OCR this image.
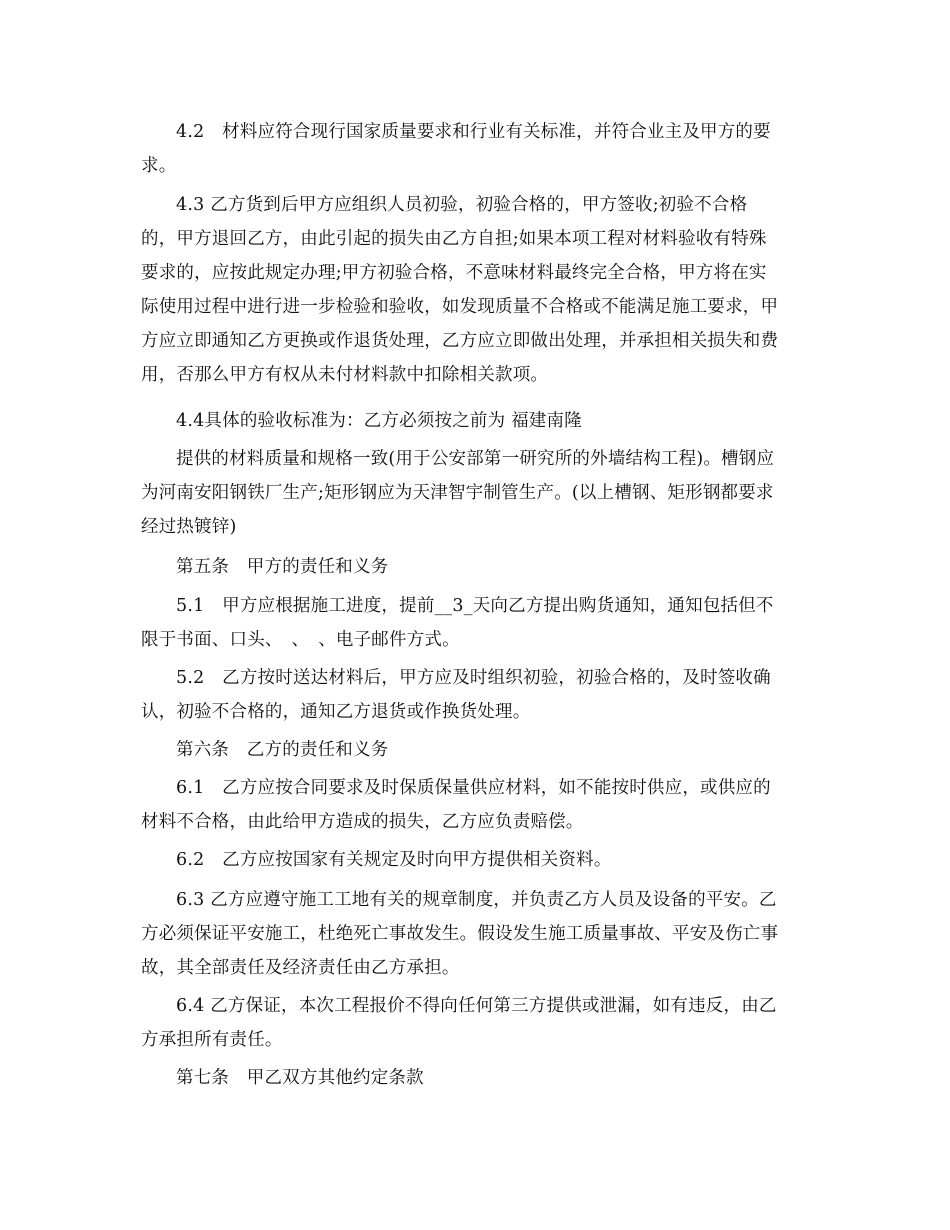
4.2　材料应符合现行国家质量要求和行业有关标准，并符合业主及甲方的要
求。
4.3 乙方货到后甲方应组织人员初验，初验合格的，甲方签收;初验不合格
的，甲方退回乙方，由此引起的损失由乙方自担;如果本项工程对材料验收有特殊
要求的，应按此规定办理;甲方初验合格，不意味材料最终完全合格，甲方将在实
际使用过程中进行进一步检验和验收，如发现质量不合格或不能满足施工要求，甲
方应立即通知乙方更换或作退货处理，乙方应立即做出处理，并承担相关损失和费
用，否那么甲方有权从未付材料款中扣除相关款项。
4.4具体的验收标准为：乙方必须按之前为 福建南隆
提供的材料质量和规格一致(用于公安部第一研究所的外墙结构工程)。槽钢应
为河南安阳钢铁厂生产;矩形钢应为天津智宇制管生产。(以上槽钢、矩形钢都要求
经过热镀锌)
第五条　甲方的责任和义务
5.1　甲方应根据施工进度，提前__3_天向乙方提出购货通知，通知包括但不
限于书面、口头、　、　、电子邮件方式。
5.2　乙方按时送达材料后，甲方应及时组织初验，初验合格的，及时签收确
认，初验不合格的，通知乙方退货或作换货处理。
第六条　乙方的责任和义务
6.1　乙方应按合同要求及时保质保量供应材料，如不能按时供应，或供应的
材料不合格，由此给甲方造成的损失，乙方应负责赔偿。
6.2　乙方应按国家有关规定及时向甲方提供相关资料。
6.3 乙方应遵守施工工地有关的规章制度，并负责乙方人员及设备的平安。乙
方必须保证平安施工，杜绝死亡事故发生。假设发生施工质量事故、平安及伤亡事
故，其全部责任及经济责任由乙方承担。
6.4 乙方保证，本次工程报价不得向任何第三方提供或泄漏，如有违反，由乙
方承担所有责任。
第七条　甲乙双方其他约定条款
